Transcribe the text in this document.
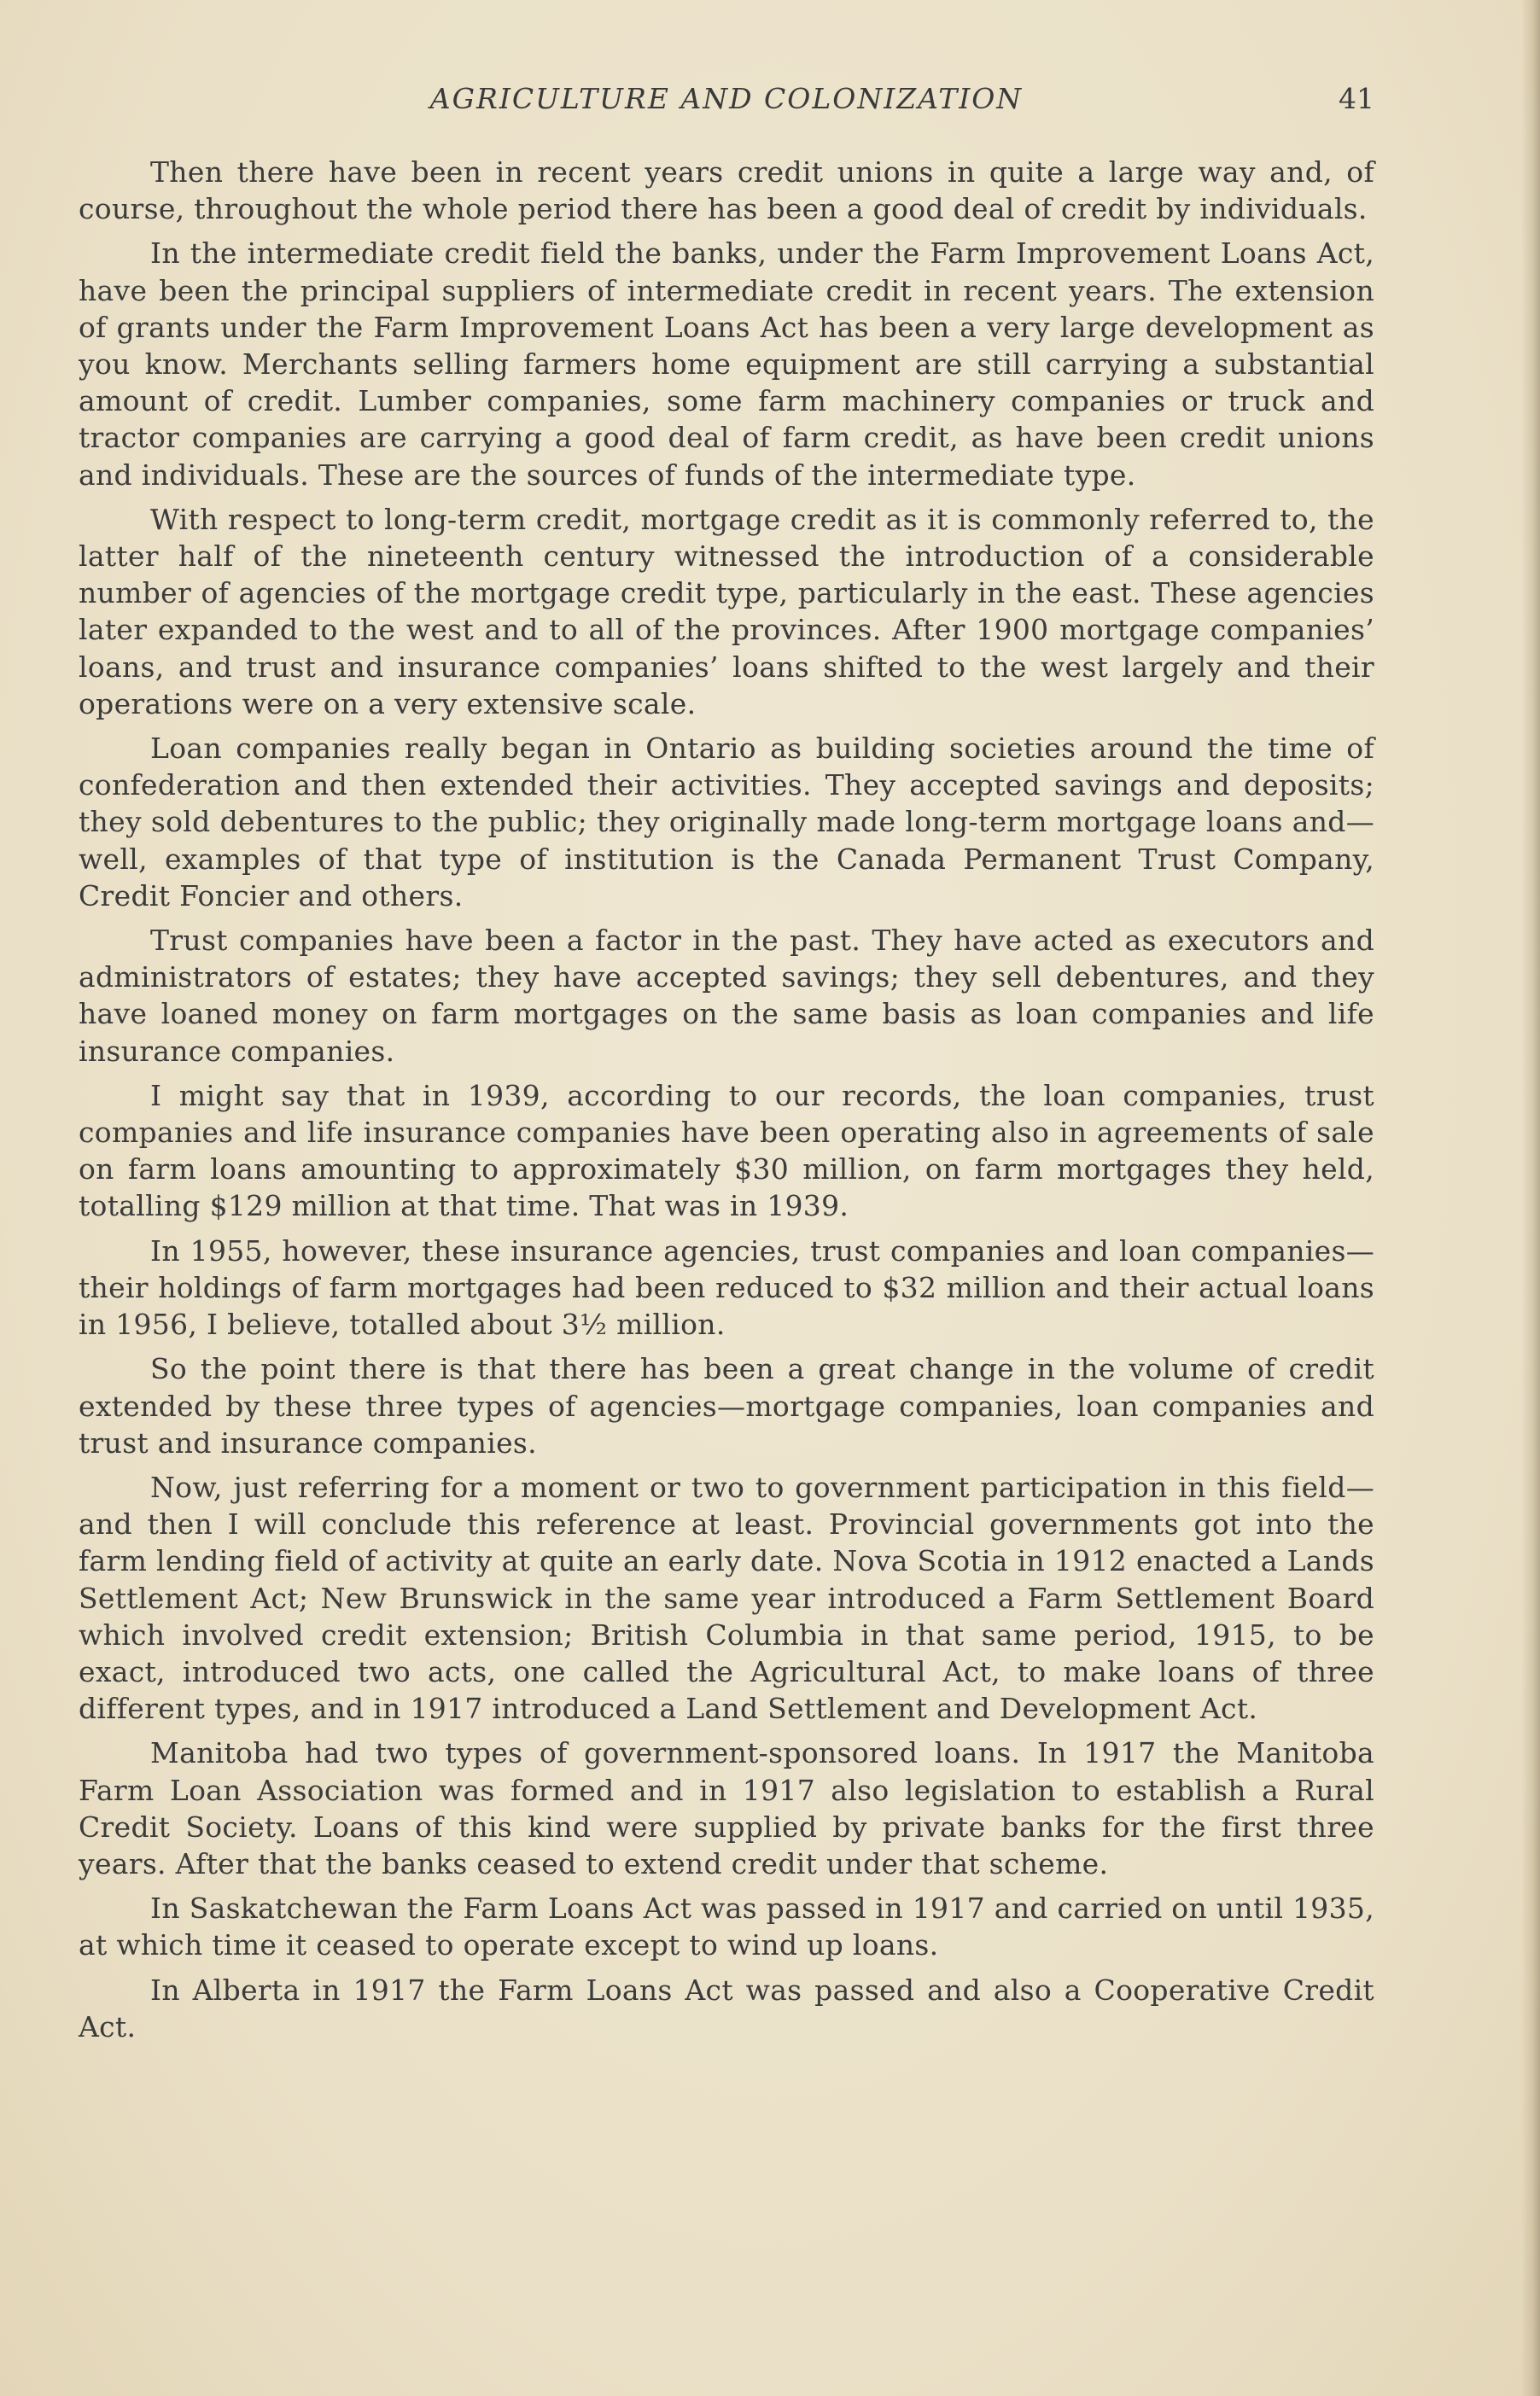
AGRICULTURE AND COLONIZATION	41

Then there have been in recent years credit unions in quite a large way and, of course, throughout the whole period there has been a good deal of credit by individuals.

In the intermediate credit field the banks, under the Farm Improvement Loans Act, have been the principal suppliers of intermediate credit in recent years. The extension of grants under the Farm Improvement Loans Act has been a very large development as you know. Merchants selling farmers home equipment are still carrying a substantial amount of credit. Lumber companies, some farm machinery companies or truck and tractor companies are carrying a good deal of farm credit, as have been credit unions and individuals. These are the sources of funds of the intermediate type.

With respect to long-term credit, mortgage credit as it is commonly referred to, the latter half of the nineteenth century witnessed the introduction of a considerable number of agencies of the mortgage credit type, particularly in the east. These agencies later expanded to the west and to all of the provinces. After 1900 mortgage companies’ loans, and trust and insurance companies’ loans shifted to the west largely and their operations were on a very extensive scale.

Loan companies really began in Ontario as building societies around the time of confederation and then extended their activities. They accepted savings and deposits; they sold debentures to the public; they originally made long-term mortgage loans and—well, examples of that type of institution is the Canada Permanent Trust Company, Credit Foncier and others.

Trust companies have been a factor in the past. They have acted as executors and administrators of estates; they have accepted savings; they sell debentures, and they have loaned money on farm mortgages on the same basis as loan companies and life insurance companies.

I might say that in 1939, according to our records, the loan companies, trust companies and life insurance companies have been operating also in agreements of sale on farm loans amounting to approximately $30 million, on farm mortgages they held, totalling $129 million at that time. That was in 1939.

In 1955, however, these insurance agencies, trust companies and loan companies—their holdings of farm mortgages had been reduced to $32 million and their actual loans in 1956, I believe, totalled about 3½ million.

So the point there is that there has been a great change in the volume of credit extended by these three types of agencies—mortgage companies, loan companies and trust and insurance companies.

Now, just referring for a moment or two to government participation in this field—and then I will conclude this reference at least. Provincial governments got into the farm lending field of activity at quite an early date. Nova Scotia in 1912 enacted a Lands Settlement Act; New Brunswick in the same year introduced a Farm Settlement Board which involved credit extension; British Columbia in that same period, 1915, to be exact, introduced two acts, one called the Agricultural Act, to make loans of three different types, and in 1917 introduced a Land Settlement and Development Act.

Manitoba had two types of government-sponsored loans. In 1917 the Manitoba Farm Loan Association was formed and in 1917 also legislation to establish a Rural Credit Society. Loans of this kind were supplied by private banks for the first three years. After that the banks ceased to extend credit under that scheme.

In Saskatchewan the Farm Loans Act was passed in 1917 and carried on until 1935, at which time it ceased to operate except to wind up loans.

In Alberta in 1917 the Farm Loans Act was passed and also a Cooperative Credit Act.
